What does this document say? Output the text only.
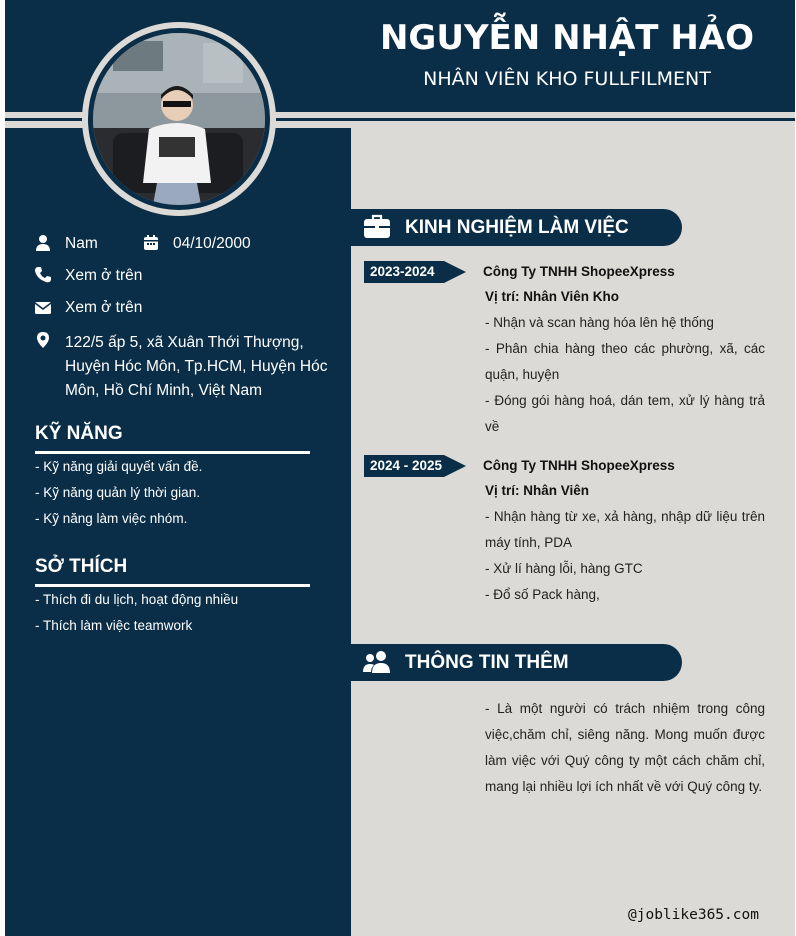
NGUYỄN NHẬT HẢO
NHÂN VIÊN KHO FULLFILMENT
Nam	04/10/2000
Xem ở trên
Xem ở trên
122/5 ấp 5, xã Xuân Thới Thượng,
Huyện Hóc Môn, Tp.HCM, Huyện Hóc
Môn, Hồ Chí Minh, Việt Nam
KỸ NĂNG
- Kỹ năng giải quyết vấn đề.
- Kỹ năng quản lý thời gian.
- Kỹ năng làm việc nhóm.
SỞ THÍCH
- Thích đi du lịch, hoạt động nhiều
- Thích làm việc teamwork
KINH NGHIỆM LÀM VIỆC
2023-2024	Công Ty TNHH ShopeeXpress
Vị trí: Nhân Viên Kho
- Nhận và scan hàng hóa lên hệ thống
- Phân chia hàng theo các phường, xã, các quận, huyện
- Đóng gói hàng hoá, dán tem, xử lý hàng trả về
2024 - 2025	Công Ty TNHH ShopeeXpress
Vị trí: Nhân Viên
- Nhận hàng từ xe, xả hàng, nhập dữ liệu trên máy tính, PDA
- Xử lí hàng lỗi, hàng GTC
- Đổ số Pack hàng,
THÔNG TIN THÊM
- Là một người có trách nhiệm trong công việc,chăm chỉ, siêng năng. Mong muốn được làm việc với Quý công ty một cách chăm chỉ, mang lại nhiều lợi ích nhất về với Quý công ty.
@joblike365.com
